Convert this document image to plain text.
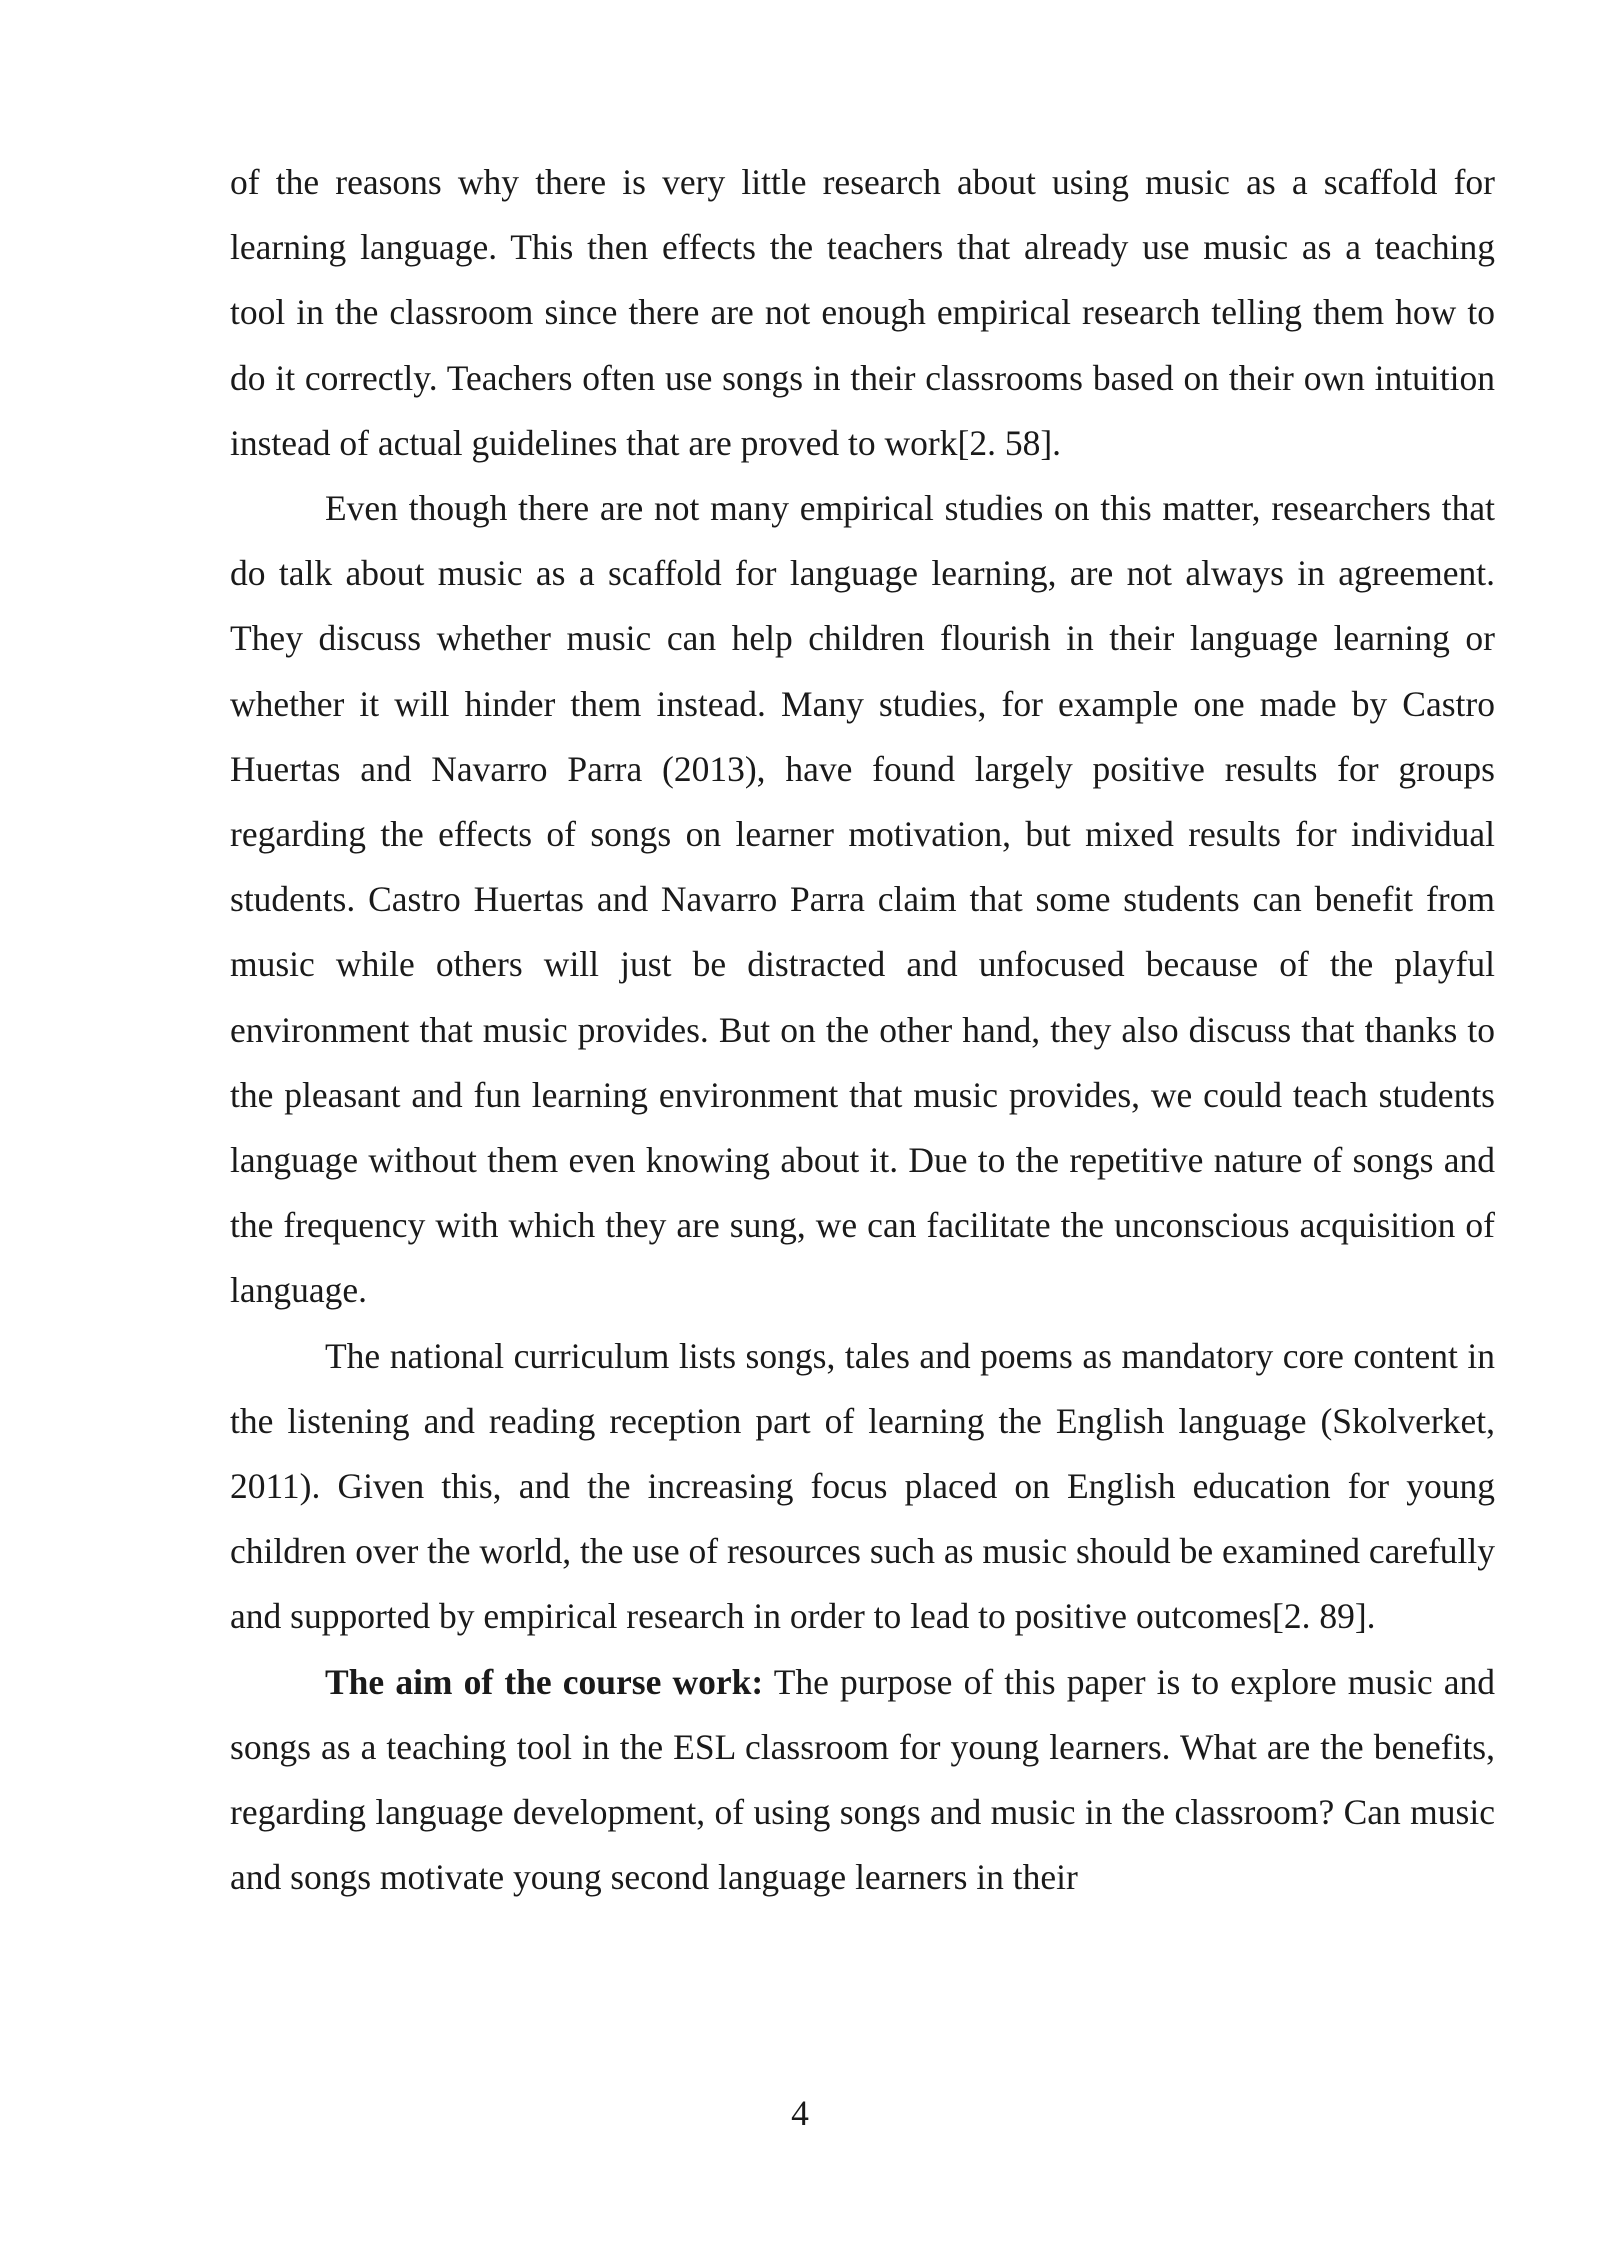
of the reasons why there is very little research about using music as a scaffold for learning language. This then effects the teachers that already use music as a teaching tool in the classroom since there are not enough empirical research telling them how to do it correctly. Teachers often use songs in their classrooms based on their own intuition instead of actual guidelines that are proved to work[2. 58].

Even though there are not many empirical studies on this matter, researchers that do talk about music as a scaffold for language learning, are not always in agreement. They discuss whether music can help children flourish in their language learning or whether it will hinder them instead. Many studies, for example one made by Castro Huertas and Navarro Parra (2013), have found largely positive results for groups regarding the effects of songs on learner motivation, but mixed results for individual students. Castro Huertas and Navarro Parra claim that some students can benefit from music while others will just be distracted and unfocused because of the playful environment that music provides. But on the other hand, they also discuss that thanks to the pleasant and fun learning environment that music provides, we could teach students language without them even knowing about it. Due to the repetitive nature of songs and the frequency with which they are sung, we can facilitate the unconscious acquisition of language.

The national curriculum lists songs, tales and poems as mandatory core content in the listening and reading reception part of learning the English language (Skolverket, 2011). Given this, and the increasing focus placed on English education for young children over the world, the use of resources such as music should be examined carefully and supported by empirical research in order to lead to positive outcomes[2. 89].

The aim of the course work: The purpose of this paper is to explore music and songs as a teaching tool in the ESL classroom for young learners. What are the benefits, regarding language development, of using songs and music in the classroom? Can music and songs motivate young second language learners in their

4
